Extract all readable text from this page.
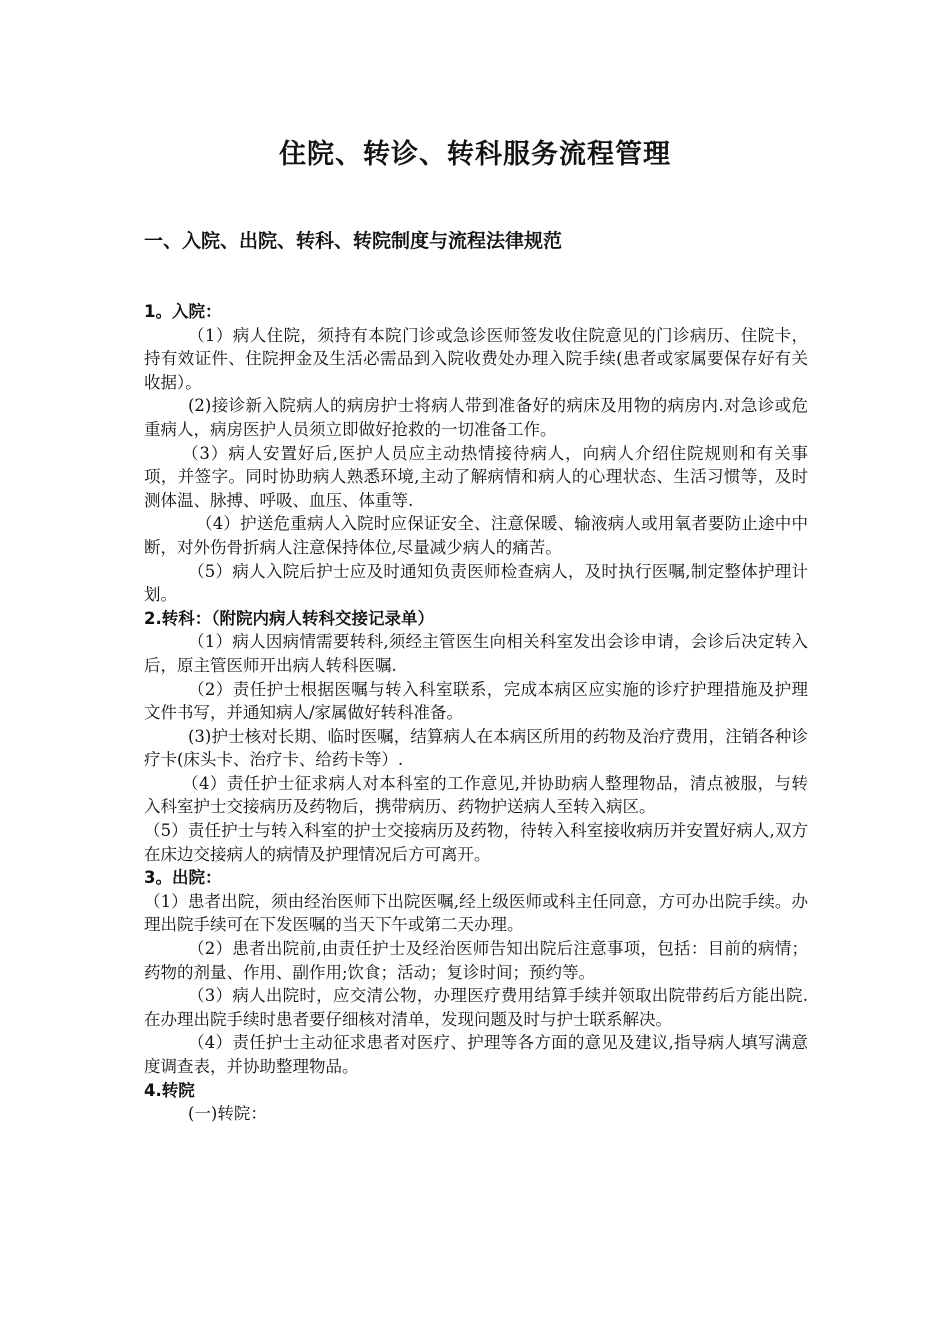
住院、转诊、转科服务流程管理
一、入院、出院、转科、转院制度与流程法律规范

1。入院：

（1）病人住院，须持有本院门诊或急诊医师签发收住院意见的门诊病历、住院卡，持有效证件、住院押金及生活必需品到入院收费处办理入院手续(患者或家属要保存好有关收据）。

(2)接诊新入院病人的病房护士将病人带到准备好的病床及用物的病房内.对急诊或危重病人，病房医护人员须立即做好抢救的一切准备工作。

（3）病人安置好后,医护人员应主动热情接待病人，向病人介绍住院规则和有关事项，并签字。同时协助病人熟悉环境,主动了解病情和病人的心理状态、生活习惯等，及时测体温、脉搏、呼吸、血压、体重等.

（4）护送危重病人入院时应保证安全、注意保暖、输液病人或用氧者要防止途中中断，对外伤骨折病人注意保持体位,尽量减少病人的痛苦。

（5）病人入院后护士应及时通知负责医师检查病人，及时执行医嘱,制定整体护理计划。

2.转科：（附院内病人转科交接记录单）

（1）病人因病情需要转科,须经主管医生向相关科室发出会诊申请，会诊后决定转入后，原主管医师开出病人转科医嘱.

（2）责任护士根据医嘱与转入科室联系，完成本病区应实施的诊疗护理措施及护理文件书写，并通知病人/家属做好转科准备。

(3)护士核对长期、临时医嘱，结算病人在本病区所用的药物及治疗费用，注销各种诊疗卡(床头卡、治疗卡、给药卡等）.

（4）责任护士征求病人对本科室的工作意见,并协助病人整理物品，清点被服，与转入科室护士交接病历及药物后，携带病历、药物护送病人至转入病区。

（5）责任护士与转入科室的护士交接病历及药物，待转入科室接收病历并安置好病人,双方在床边交接病人的病情及护理情况后方可离开。

3。出院：

（1）患者出院，须由经治医师下出院医嘱,经上级医师或科主任同意，方可办出院手续。办理出院手续可在下发医嘱的当天下午或第二天办理。

（2）患者出院前,由责任护士及经治医师告知出院后注意事项，包括：目前的病情；药物的剂量、作用、副作用;饮食；活动；复诊时间；预约等。

（3）病人出院时，应交清公物，办理医疗费用结算手续并领取出院带药后方能出院.在办理出院手续时患者要仔细核对清单，发现问题及时与护士联系解决。

（4）责任护士主动征求患者对医疗、护理等各方面的意见及建议,指导病人填写满意度调查表，并协助整理物品。

4.转院

(一)转院：
